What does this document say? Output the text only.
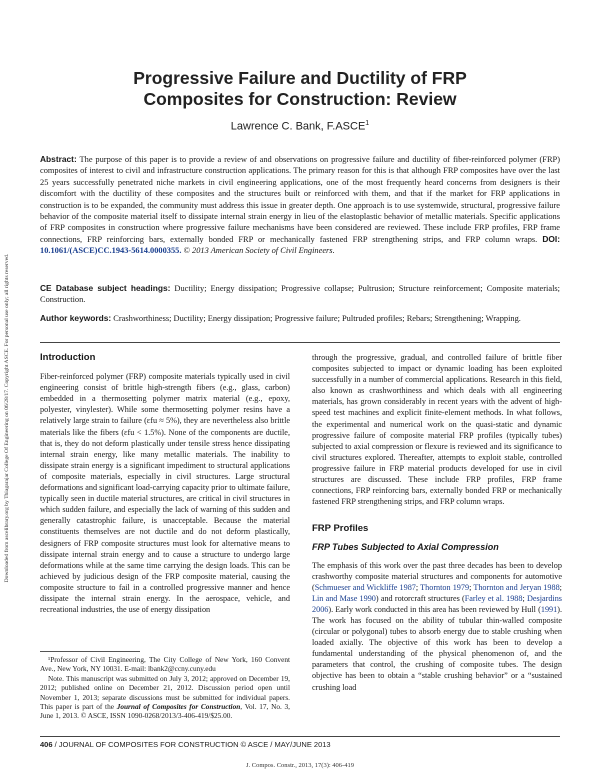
Downloaded from ascelibrary.org by Thiagarajar College Of Engineering on 06/28/17. Copyright ASCE. For personal use only; all rights reserved.
Progressive Failure and Ductility of FRP
Composites for Construction: Review
Lawrence C. Bank, F.ASCE$^1$

Abstract: The purpose of this paper is to provide a review of and observations on progressive failure and ductility of fiber-reinforced polymer (FRP) composites of interest to civil and infrastructure construction applications. The primary reason for this is that although FRP composites have over the last 25 years successfully penetrated niche markets in civil engineering applications, one of the most frequently heard concerns from designers is their discomfort with the ductility of these composites and the structures built or reinforced with them, and that if the market for FRP applications in construction is to be expanded, the community must address this issue in greater depth. One approach is to use systemwide, structural, progressive failure behavior of the composite material itself to dissipate internal strain energy in lieu of the elastoplastic behavior of metallic materials. Specific applications of FRP composites in construction where progressive failure mechanisms have been considered are reviewed. These include FRP profiles, FRP frame connections, FRP reinforcing bars, externally bonded FRP or mechanically fastened FRP strengthening strips, and FRP column wraps. DOI: 10.1061/(ASCE)CC.1943-5614.0000355. © 2013 American Society of Civil Engineers.

CE Database subject headings: Ductility; Energy dissipation; Progressive collapse; Pultrusion; Structure reinforcement; Composite materials; Construction.

Author keywords: Crashworthiness; Ductility; Energy dissipation; Progressive failure; Pultruded profiles; Rebars; Strengthening; Wrapping.

Introduction

Fiber-reinforced polymer (FRP) composite materials typically used in civil engineering consist of brittle high-strength fibers (e.g., glass, carbon) embedded in a thermosetting polymer matrix material (e.g., epoxy, polyester, vinylester). While some thermosetting polymer resins have a relatively large strain to failure (εfu ≈ 5%), they are nevertheless also brittle materials like the fibers (εfu < 1.5%). None of the components are ductile, that is, they do not deform plastically under tensile stress hence dissipating internal strain energy, like many metallic materials. The inability to dissipate strain energy is a significant impediment to structural applications of composite materials, especially in civil structures. Large structural deformations and significant load-carrying capacity prior to ultimate failure, typically seen in ductile material structures, are critical in civil structures in which sudden failure, and especially the lack of warning of this sudden and generally catastrophic failure, is unacceptable. Because the material constituents themselves are not ductile and do not deform plastically, designers of FRP composite structures must look for alternative means to dissipate internal strain energy and to cause a structure to undergo large deformations while at the same time carrying the design loads. This can be achieved by judicious design of the FRP composite material, causing the composite structure to fail in a controlled progressive manner and hence dissipate the internal strain energy. In the aerospace, vehicle, and recreational industries, the use of energy dissipation

through the progressive, gradual, and controlled failure of brittle fiber composites subjected to impact or dynamic loading has been exploited successfully in a number of commercial applications. Research in this field, also known as crashworthiness and which deals with all engineering materials, has grown considerably in recent years with the advent of high-speed test machines and explicit finite-element methods. In what follows, the experimental and numerical work on the quasi-static and dynamic progressive failure of composite material FRP profiles (typically tubes) subjected to axial compression or flexure is reviewed and its significance to civil structures explored. Thereafter, attempts to exploit stable, controlled progressive failure in FRP material products developed for use in civil structures are discussed. These include FRP profiles, FRP frame connections, FRP reinforcing bars, externally bonded FRP or mechanically fastened FRP strengthening strips, and FRP column wraps.

FRP Profiles
FRP Tubes Subjected to Axial Compression

The emphasis of this work over the past three decades has been to develop crashworthy composite material structures and components for automotive (Schmueser and Wickliffe 1987; Thornton 1979; Thornton and Jeryan 1988; Lin and Mase 1990) and rotorcraft structures (Farley et al. 1988; Desjardins 2006). Early work conducted in this area has been reviewed by Hull (1991). The work has focused on the ability of tubular thin-walled composite (circular or polygonal) tubes to absorb energy due to stable crushing when loaded axially. The objective of this work has been to develop a fundamental understanding of the physical phenomenon of, and the parameters that control, the crushing of composite tubes. The design objective has been to obtain a “stable crushing behavior” or a “sustained crushing load

¹Professor of Civil Engineering, The City College of New York, 160 Convent Ave., New York, NY 10031. E-mail: lbank2@ccny.cuny.edu

Note. This manuscript was submitted on July 3, 2012; approved on December 19, 2012; published online on December 21, 2012. Discussion period open until November 1, 2013; separate discussions must be submitted for individual papers. This paper is part of the Journal of Composites for Construction, Vol. 17, No. 3, June 1, 2013. © ASCE, ISSN 1090-0268/2013/3-406-419/$25.00.

406 / JOURNAL OF COMPOSITES FOR CONSTRUCTION © ASCE / MAY/JUNE 2013
J. Compos. Constr., 2013, 17(3): 406-419
